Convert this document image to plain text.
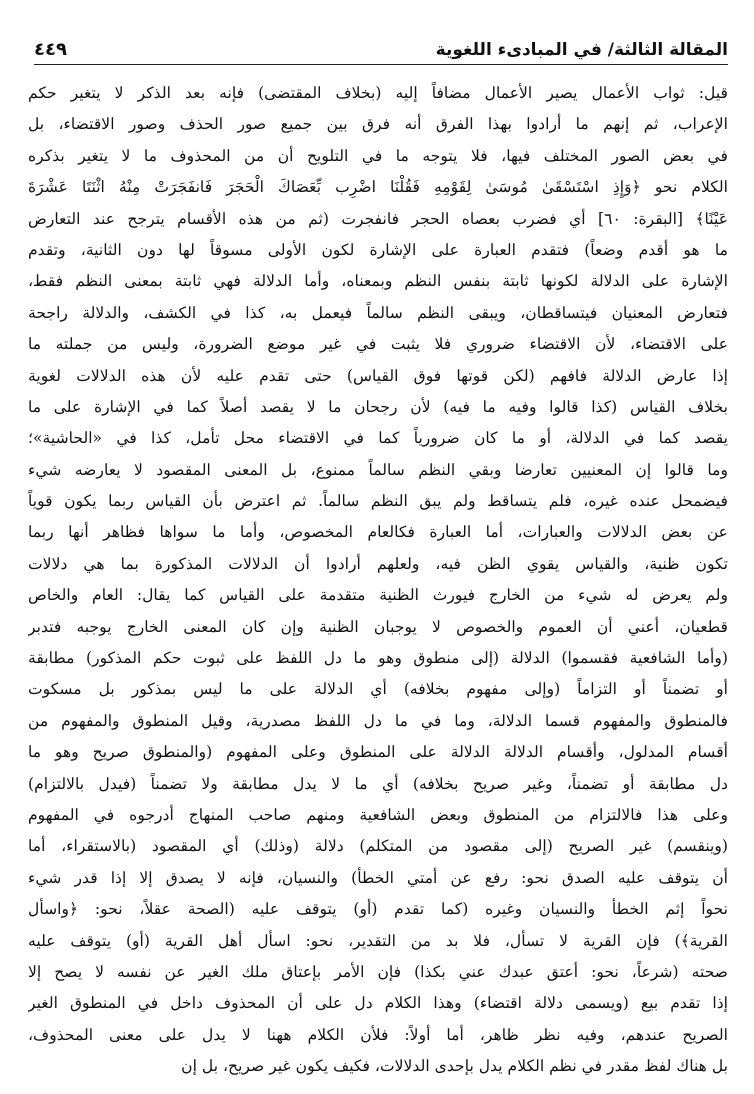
المقالة الثالثة/ في المبادىء اللغوية
٤٤٩
قيل: ثواب الأعمال يصير الأعمال مضافاً إليه (بخلاف المقتضى) فإنه بعد الذكر لا يتغير حكم
الإعراب، ثم إنهم ما أرادوا بهذا الفرق أنه فرق بين جميع صور الحذف وصور الاقتضاء، بل
في بعض الصور المختلف فيها، فلا يتوجه ما في التلويح أن من المحذوف ما لا يتغير بذكره
الكلام نحو ﴿وَإِذِ اسْتَسْقَىٰ مُوسَىٰ لِقَوْمِهِ فَقُلْنَا اضْرِب بِّعَصَاكَ الْحَجَرَ فَانفَجَرَتْ مِنْهُ اثْنَتَا عَشْرَةَ
عَيْنًا﴾ [البقرة: ٦٠] أي فضرب بعصاه الحجر فانفجرت (ثم من هذه الأقسام يترجح عند التعارض
ما هو أقدم وضعاً) فتقدم العبارة على الإشارة لكون الأولى مسوقاً لها دون الثانية، وتقدم
الإشارة على الدلالة لكونها ثابتة بنفس النظم وبمعناه، وأما الدلالة فهي ثابتة بمعنى النظم فقط،
فتعارض المعنيان فيتساقطان، ويبقى النظم سالماً فيعمل به، كذا في الكشف، والدلالة راجحة
على الاقتضاء، لأن الاقتضاء ضروري فلا يثبت في غير موضع الضرورة، وليس من جملته ما
إذا عارض الدلالة فافهم (لكن قوتها فوق القياس) حتى تقدم عليه لأن هذه الدلالات لغوية
بخلاف القياس (كذا قالوا وفيه ما فيه) لأن رجحان ما لا يقصد أصلاً كما في الإشارة على ما
يقصد كما في الدلالة، أو ما كان ضرورياً كما في الاقتضاء محل تأمل، كذا في «الحاشية»؛
وما قالوا إن المعنيين تعارضا وبقي النظم سالماً ممنوع، بل المعنى المقصود لا يعارضه شيء
فيضمحل عنده غيره، فلم يتساقط ولم يبق النظم سالماً. ثم اعترض بأن القياس ربما يكون قوياً
عن بعض الدلالات والعبارات، أما العبارة فكالعام المخصوص، وأما ما سواها فظاهر أنها ربما
تكون ظنية، والقياس يقوي الظن فيه، ولعلهم أرادوا أن الدلالات المذكورة بما هي دلالات
ولم يعرض له شيء من الخارج فيورث الظنية متقدمة على القياس كما يقال: العام والخاص
قطعيان، أعني أن العموم والخصوص لا يوجبان الظنية وإن كان المعنى الخارج يوجبه فتدبر
(وأما الشافعية فقسموا) الدلالة (إلى منطوق وهو ما دل اللفظ على ثبوت حكم المذكور) مطابقة
أو تضمناً أو التزاماً (وإلى مفهوم بخلافه) أي الدلالة على ما ليس بمذكور بل مسكوت
فالمنطوق والمفهوم قسما الدلالة، وما في ما دل اللفظ مصدرية، وقيل المنطوق والمفهوم من
أقسام المدلول، وأقسام الدلالة الدلالة على المنطوق وعلى المفهوم (والمنطوق صريح وهو ما
دل مطابقة أو تضمناً، وغير صريح بخلافه) أي ما لا يدل مطابقة ولا تضمناً (فيدل بالالتزام)
وعلى هذا فالالتزام من المنطوق وبعض الشافعية ومنهم صاحب المنهاج أدرجوه في المفهوم
(وينقسم) غير الصريح (إلى مقصود من المتكلم) دلالة (وذلك) أي المقصود (بالاستقراء، أما
أن يتوقف عليه الصدق نحو: رفع عن أمتي الخطأ) والنسيان، فإنه لا يصدق إلا إذا قدر شيء
نحواً إثم الخطأ والنسيان وغيره (كما تقدم (أو) يتوقف عليه (الصحة عقلاً، نحو: ﴿واسأل
القرية﴾) فإن القرية لا تسأل، فلا بد من التقدير، نحو: اسأل أهل القرية (أو) يتوقف عليه
صحته (شرعاً، نحو: أعتق عبدك عني بكذا) فإن الأمر بإعتاق ملك الغير عن نفسه لا يصح إلا
إذا تقدم بيع (ويسمى دلالة اقتضاء) وهذا الكلام دل على أن المحذوف داخل في المنطوق الغير
الصريح عندهم، وفيه نظر ظاهر، أما أولاً: فلأن الكلام ههنا لا يدل على معنى المحذوف،
بل هناك لفظ مقدر في نظم الكلام يدل بإحدى الدلالات، فكيف يكون غير صريح، بل إن
